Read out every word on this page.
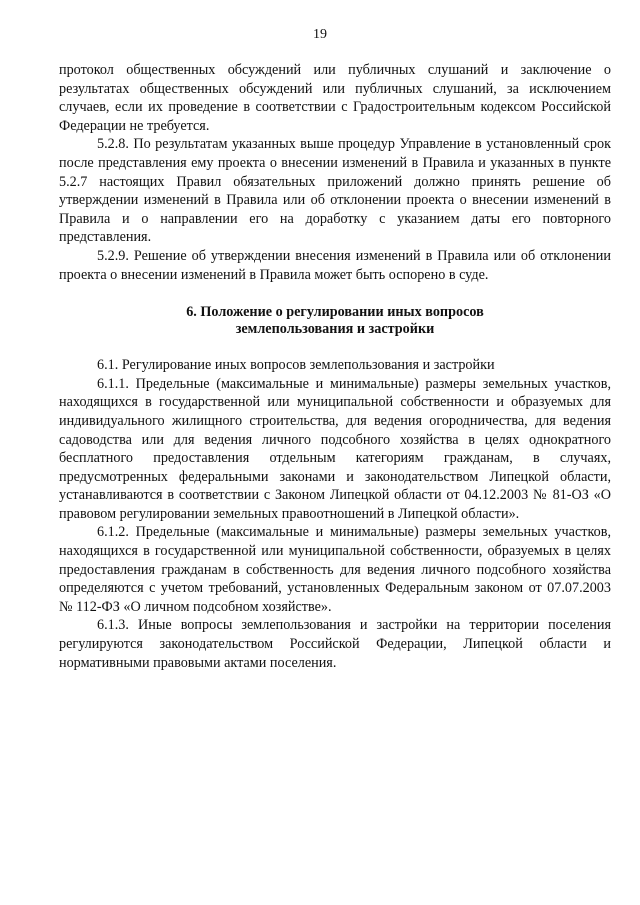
19

протокол общественных обсуждений или публичных слушаний и заключение о результатах общественных обсуждений или публичных слушаний, за исключением случаев, если их проведение в соответствии с Градостроительным кодексом Российской Федерации не требуется.

5.2.8. По результатам указанных выше процедур Управление в установленный срок после представления ему проекта о внесении изменений в Правила и указанных в пункте 5.2.7 настоящих Правил обязательных приложений должно принять решение об утверждении изменений в Правила или об отклонении проекта о внесении изменений в Правила и о направлении его на доработку с указанием даты его повторного представления.

5.2.9. Решение об утверждении внесения изменений в Правила или об отклонении проекта о внесении изменений в Правила может быть оспорено в суде.

6. Положение о регулировании иных вопросов
землепользования и застройки

6.1. Регулирование иных вопросов землепользования и застройки

6.1.1. Предельные (максимальные и минимальные) размеры земельных участков, находящихся в государственной или муниципальной собственности и образуемых для индивидуального жилищного строительства, для ведения огородничества, для ведения садоводства или для ведения личного подсобного хозяйства в целях однократного бесплатного предоставления отдельным категориям гражданам, в случаях, предусмотренных федеральными законами и законодательством Липецкой области, устанавливаются в соответствии с Законом Липецкой области от 04.12.2003 № 81-ОЗ «О правовом регулировании земельных правоотношений в Липецкой области».

6.1.2. Предельные (максимальные и минимальные) размеры земельных участков, находящихся в государственной или муниципальной собственности, образуемых в целях предоставления гражданам в собственность для ведения личного подсобного хозяйства определяются с учетом требований, установленных Федеральным законом от 07.07.2003 № 112-ФЗ «О личном подсобном хозяйстве».

6.1.3. Иные вопросы землепользования и застройки на территории поселения регулируются законодательством Российской Федерации, Липецкой области и нормативными правовыми актами поселения.
